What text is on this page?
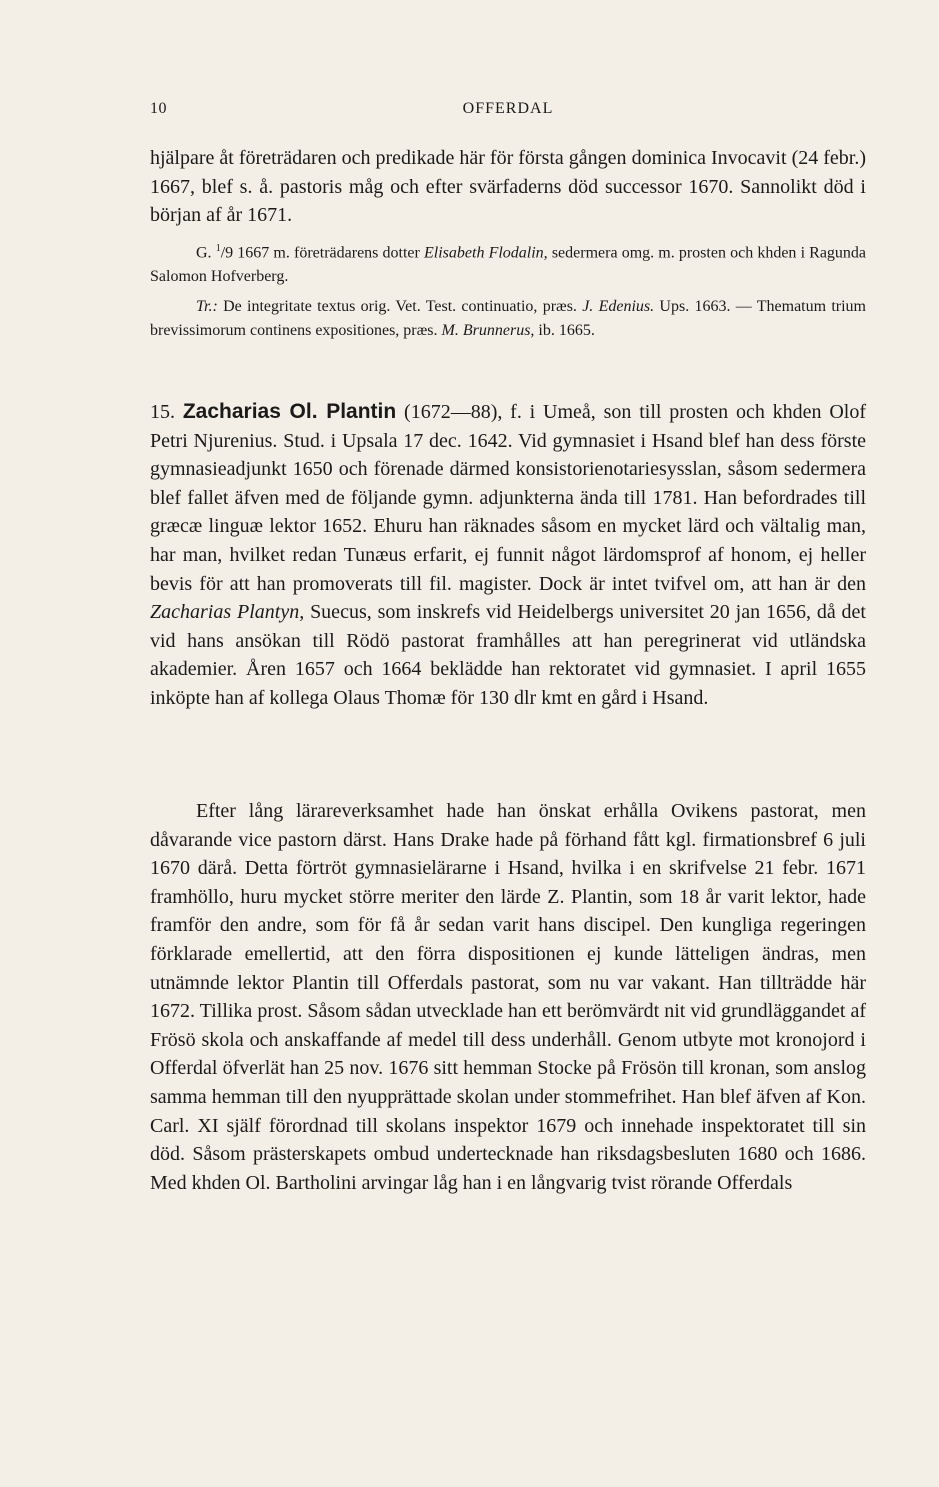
10	OFFERDAL
hjälpare åt företrädaren och predikade här för första gången dominica Invocavit (24 febr.) 1667, blef s. å. pastoris måg och efter svärfaderns död successor 1670. Sannolikt död i början af år 1671.
G. $^1$/9 1667 m. företrädarens dotter Elisabeth Flodalin, sedermera omg. m. prosten och khden i Ragunda Salomon Hofverberg.
Tr.: De integritate textus orig. Vet. Test. continuatio, præs. J. Edenius. Ups. 1663. — Thematum trium brevissimorum continens expositiones, præs. M. Brunnerus, ib. 1665.
15. Zacharias Ol. Plantin (1672—88), f. i Umeå, son till prosten och khden Olof Petri Njurenius. Stud. i Upsala 17 dec. 1642. Vid gymnasiet i Hsand blef han dess förste gymnasieadjunkt 1650 och förenade därmed konsistorienotariesysslan, såsom sedermera blef fallet äfven med de följande gymn. adjunkterna ända till 1781. Han befordrades till græcæ linguæ lektor 1652. Ehuru han räknades såsom en mycket lärd och vältalig man, har man, hvilket redan Tunæus erfarit, ej funnit något lärdomsprof af honom, ej heller bevis för att han promoverats till fil. magister. Dock är intet tvifvel om, att han är den Zacharias Plantyn, Suecus, som inskrefs vid Heidelbergs universitet 20 jan 1656, då det vid hans ansökan till Rödö pastorat framhålles att han peregrinerat vid utländska akademier. Åren 1657 och 1664 beklädde han rektoratet vid gymnasiet. I april 1655 inköpte han af kollega Olaus Thomæ för 130 dlr kmt en gård i Hsand.
Efter lång lärareverksamhet hade han önskat erhålla Ovikens pastorat, men dåvarande vice pastorn därst. Hans Drake hade på förhand fått kgl. firmationsbref 6 juli 1670 därå. Detta förtröt gymnasielärarne i Hsand, hvilka i en skrifvelse 21 febr. 1671 framhöllo, huru mycket större meriter den lärde Z. Plantin, som 18 år varit lektor, hade framför den andre, som för få år sedan varit hans discipel. Den kungliga regeringen förklarade emellertid, att den förra dispositionen ej kunde lätteligen ändras, men utnämnde lektor Plantin till Offerdals pastorat, som nu var vakant. Han tillträdde här 1672. Tillika prost. Såsom sådan utvecklade han ett berömvärdt nit vid grundläggandet af Frösö skola och anskaffande af medel till dess underhåll. Genom utbyte mot kronojord i Offerdal öfverlät han 25 nov. 1676 sitt hemman Stocke på Frösön till kronan, som anslog samma hemman till den nyupprättade skolan under stommefrihet. Han blef äfven af Kon. Carl. XI själf förordnad till skolans inspektor 1679 och innehade inspektoratet till sin död. Såsom prästerskapets ombud undertecknade han riksdagsbesluten 1680 och 1686. Med khden Ol. Bartholini arvingar låg han i en långvarig tvist rörande Offerdals
